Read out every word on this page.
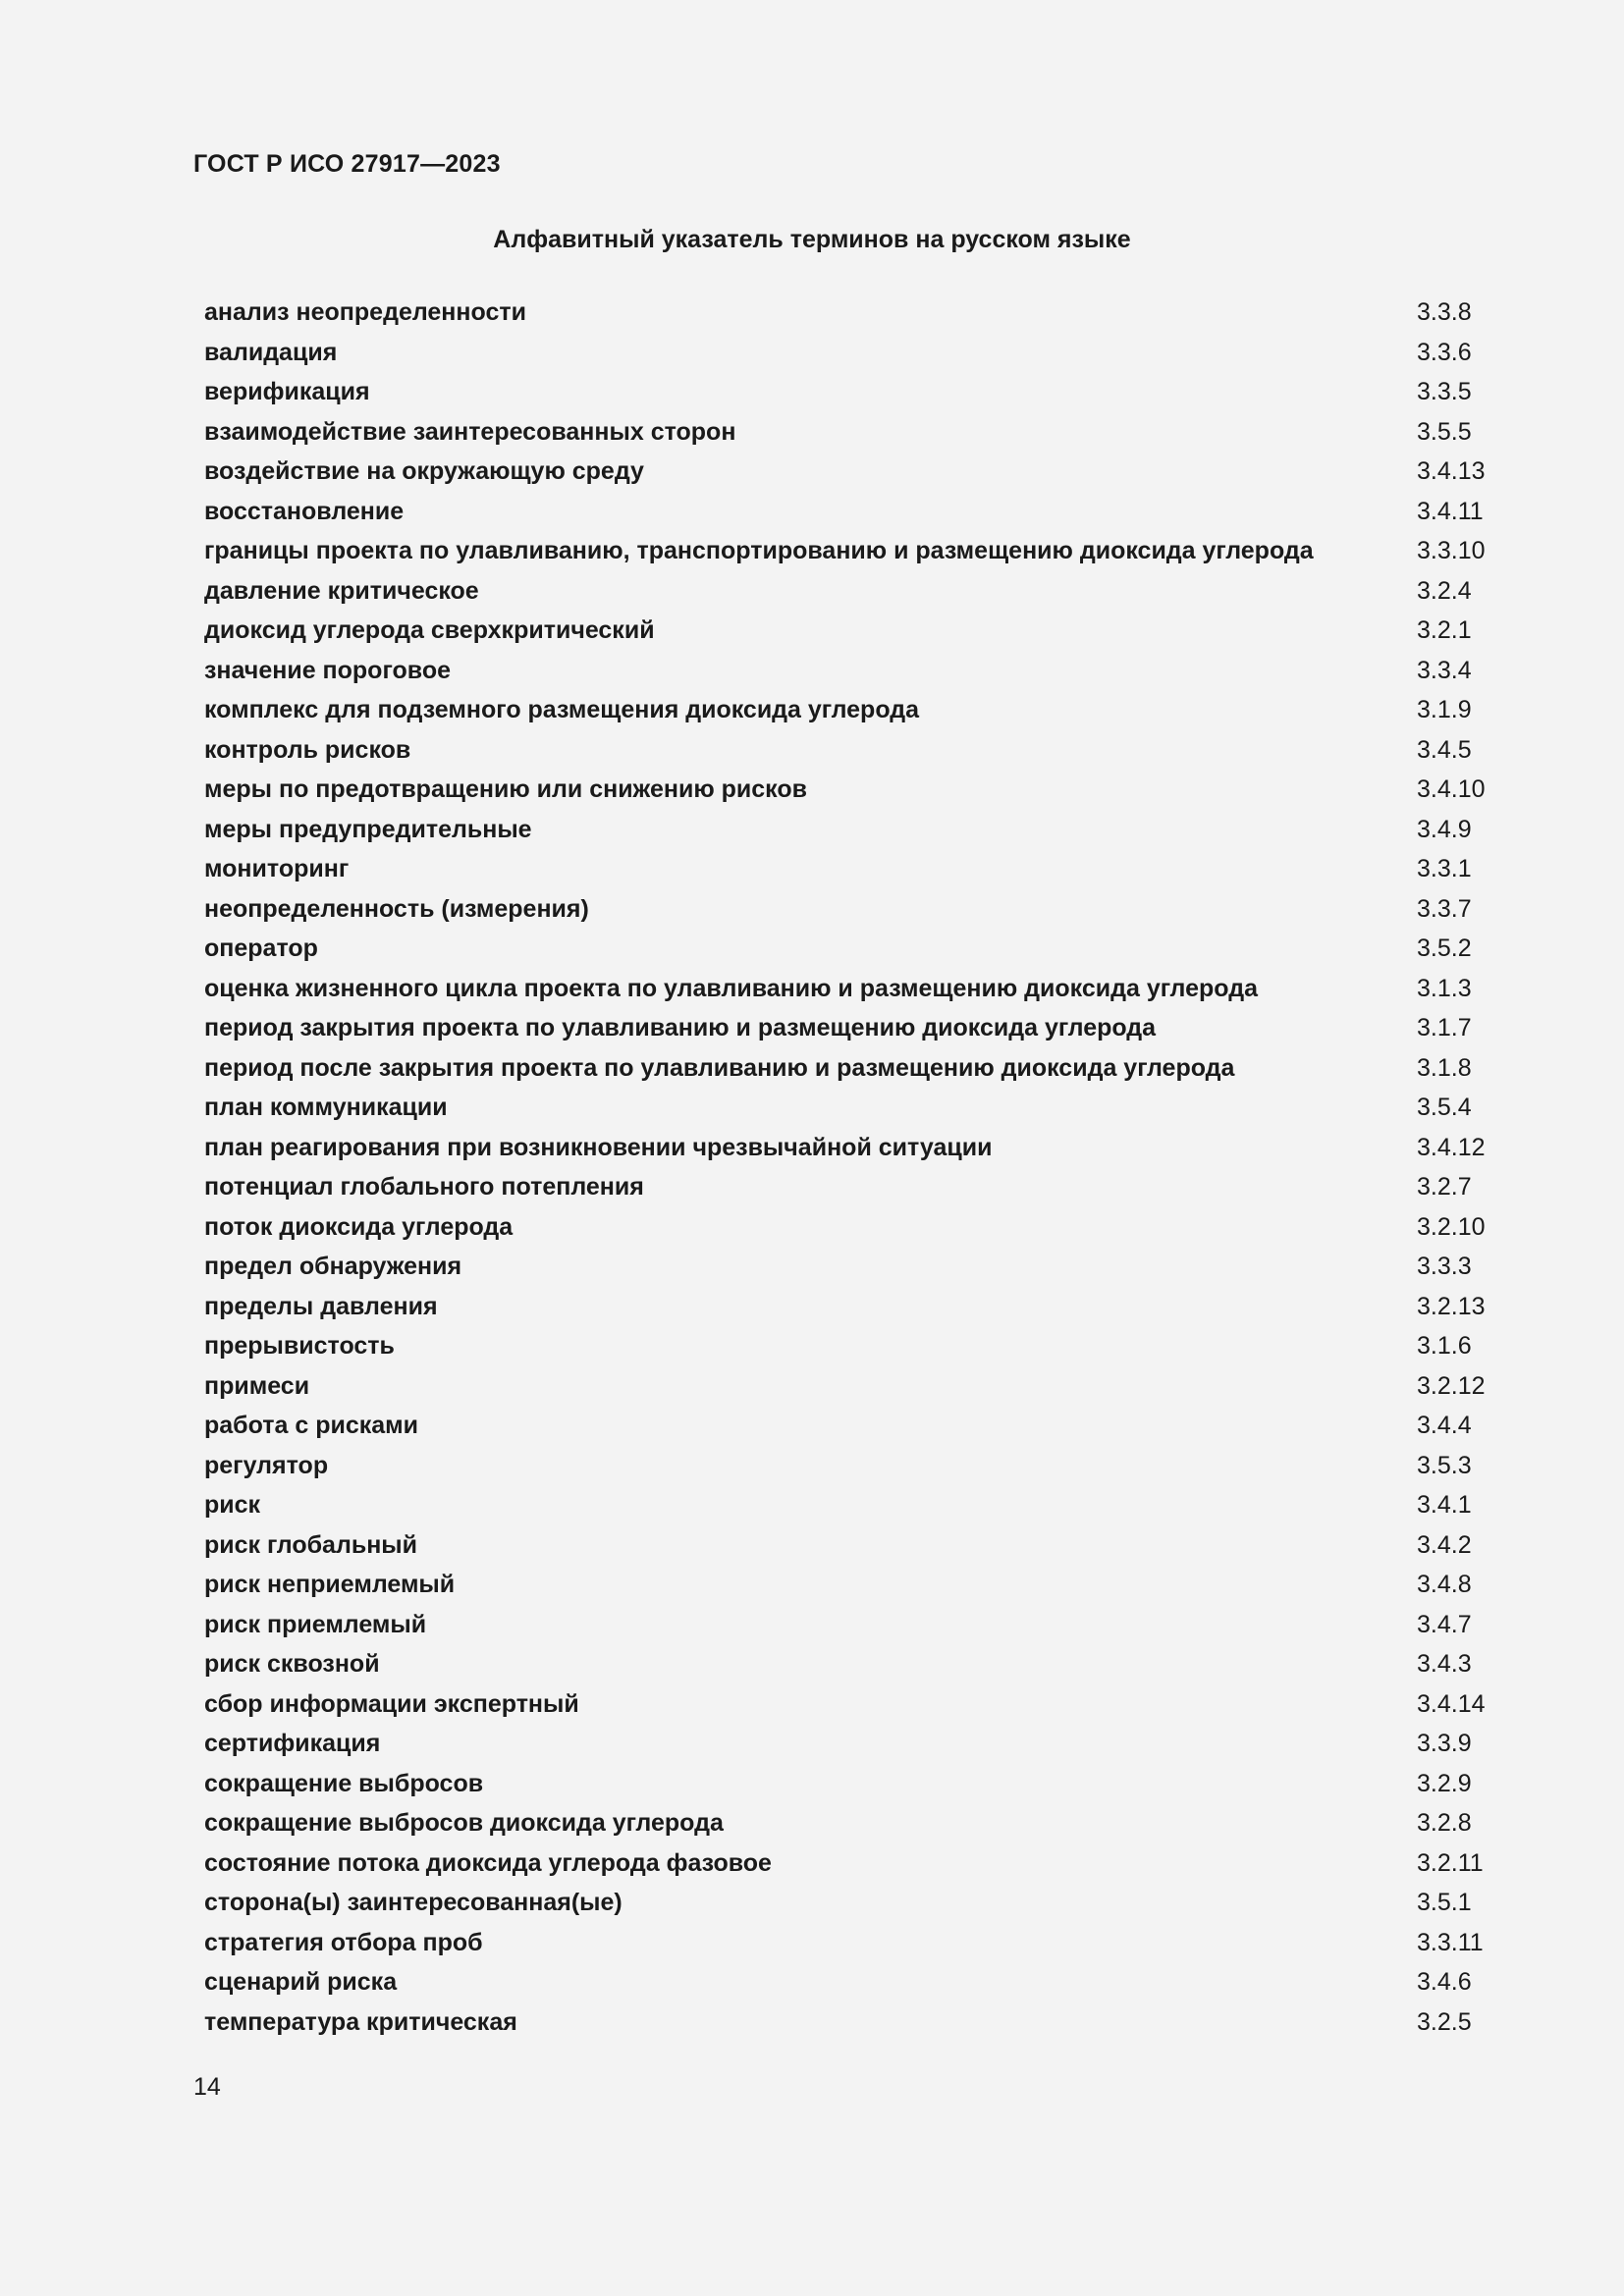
ГОСТ Р ИСО 27917—2023
Алфавитный указатель терминов на русском языке
анализ неопределенности	3.3.8
валидация	3.3.6
верификация	3.3.5
взаимодействие заинтересованных сторон	3.5.5
воздействие на окружающую среду	3.4.13
восстановление	3.4.11
границы проекта по улавливанию, транспортированию и размещению диоксида углерода	3.3.10
давление критическое	3.2.4
диоксид углерода сверхкритический	3.2.1
значение пороговое	3.3.4
комплекс для подземного размещения диоксида углерода	3.1.9
контроль рисков	3.4.5
меры по предотвращению или снижению рисков	3.4.10
меры предупредительные	3.4.9
мониторинг	3.3.1
неопределенность (измерения)	3.3.7
оператор	3.5.2
оценка жизненного цикла проекта по улавливанию и размещению диоксида углерода	3.1.3
период закрытия проекта по улавливанию и размещению диоксида углерода	3.1.7
период после закрытия проекта по улавливанию и размещению диоксида углерода	3.1.8
план коммуникации	3.5.4
план реагирования при возникновении чрезвычайной ситуации	3.4.12
потенциал глобального потепления	3.2.7
поток диоксида углерода	3.2.10
предел обнаружения	3.3.3
пределы давления	3.2.13
прерывистость	3.1.6
примеси	3.2.12
работа с рисками	3.4.4
регулятор	3.5.3
риск	3.4.1
риск глобальный	3.4.2
риск неприемлемый	3.4.8
риск приемлемый	3.4.7
риск сквозной	3.4.3
сбор информации экспертный	3.4.14
сертификация	3.3.9
сокращение выбросов	3.2.9
сокращение выбросов диоксида углерода	3.2.8
состояние потока диоксида углерода фазовое	3.2.11
сторона(ы) заинтересованная(ые)	3.5.1
стратегия отбора проб	3.3.11
сценарий риска	3.4.6
температура критическая	3.2.5
14
